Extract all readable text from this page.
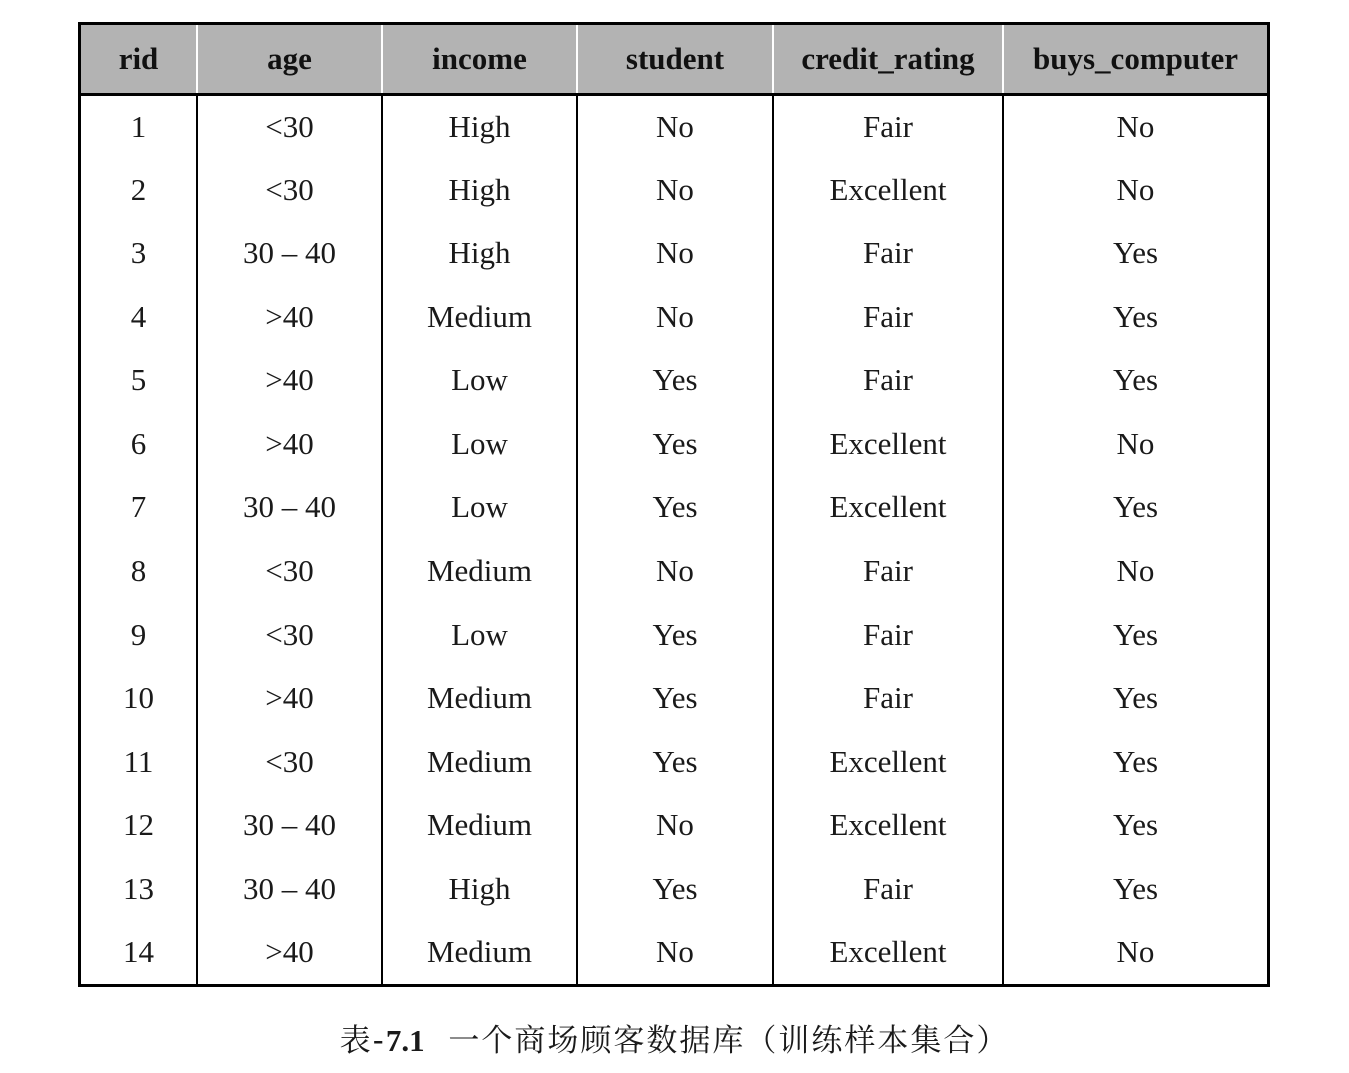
rid	age	income	student	credit_rating	buys_computer
1	<30	High	No	Fair	No
2	<30	High	No	Excellent	No
3	30 – 40	High	No	Fair	Yes
4	>40	Medium	No	Fair	Yes
5	>40	Low	Yes	Fair	Yes
6	>40	Low	Yes	Excellent	No
7	30 – 40	Low	Yes	Excellent	Yes
8	<30	Medium	No	Fair	No
9	<30	Low	Yes	Fair	Yes
10	>40	Medium	Yes	Fair	Yes
11	<30	Medium	Yes	Excellent	Yes
12	30 – 40	Medium	No	Excellent	Yes
13	30 – 40	High	Yes	Fair	Yes
14	>40	Medium	No	Excellent	No
表-7.1 一个商场顾客数据库（训练样本集合）
